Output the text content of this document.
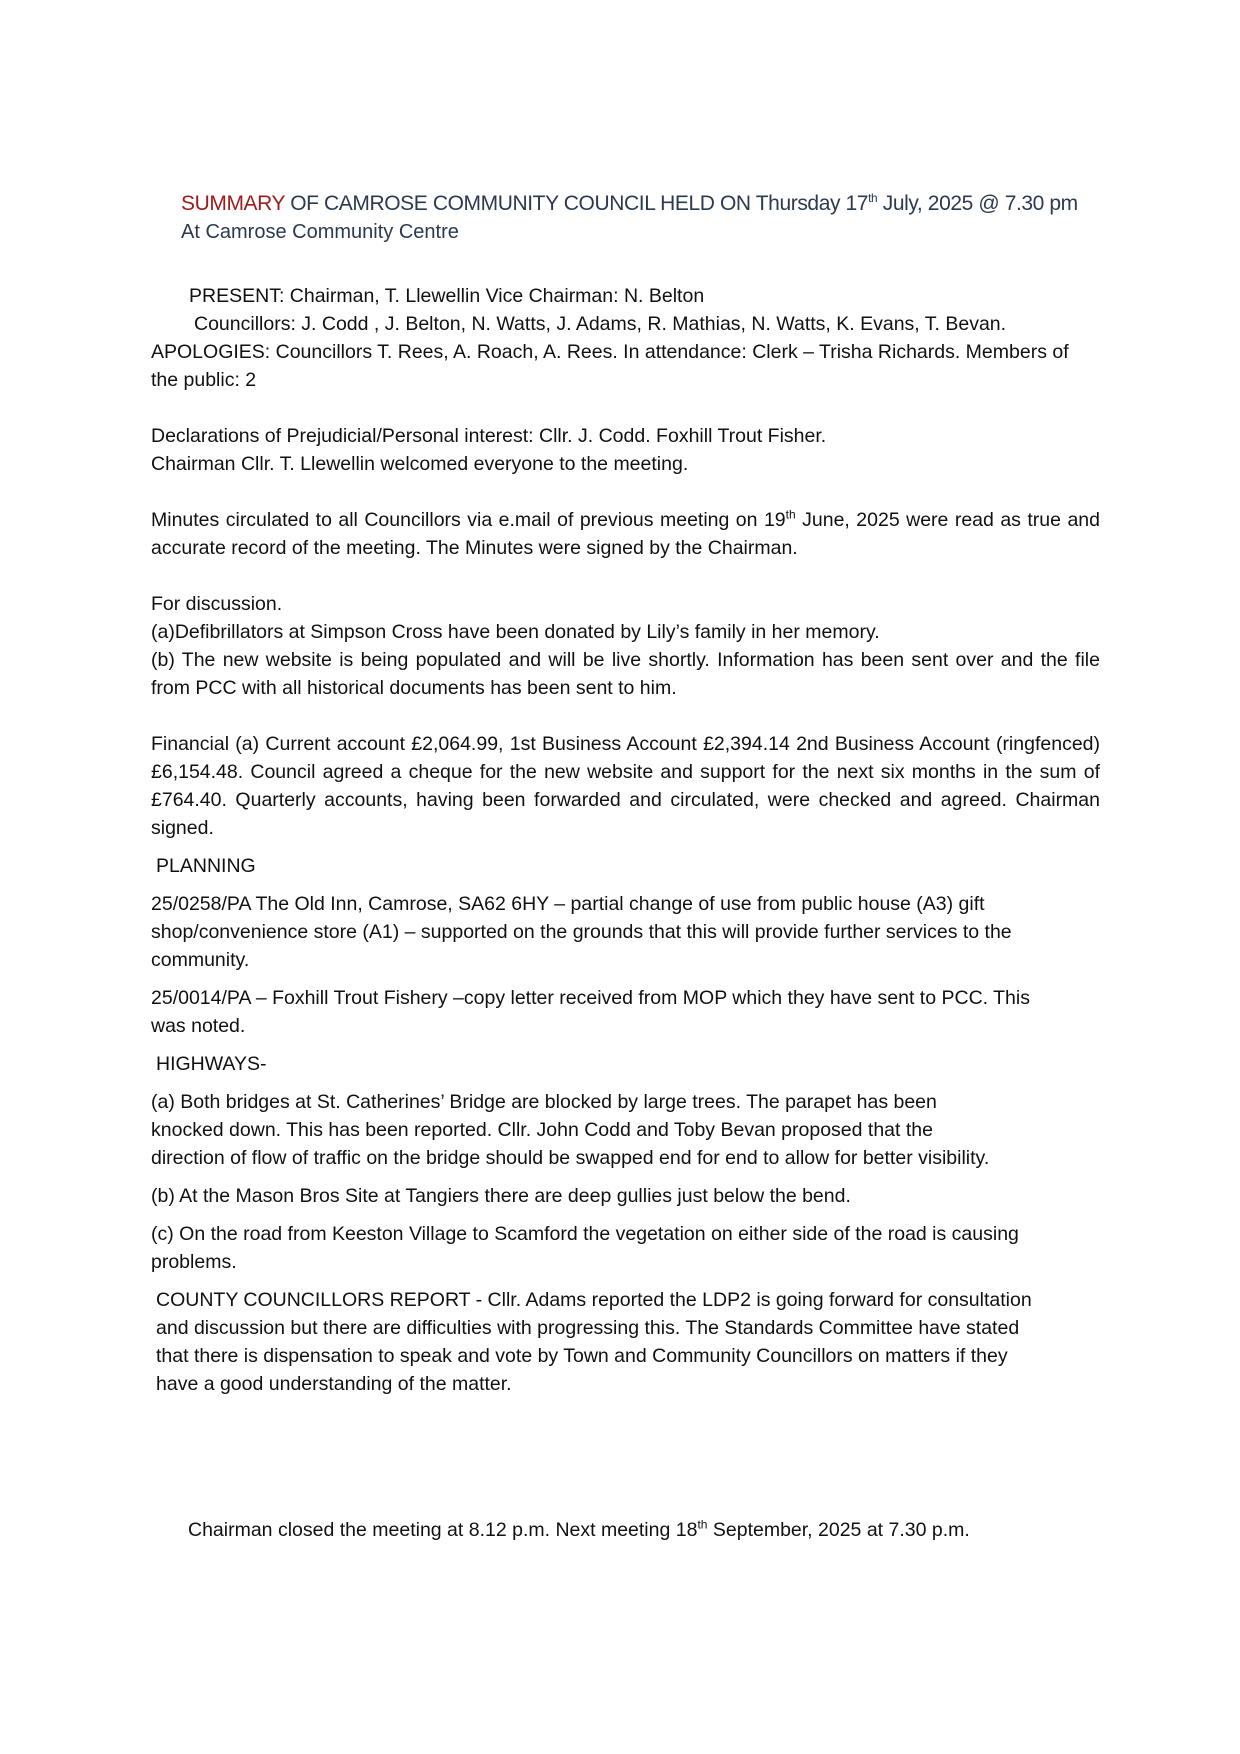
SUMMARY OF CAMROSE COMMUNITY COUNCIL HELD ON Thursday 17th July, 2025 @ 7.30 pm
At Camrose Community Centre

PRESENT: Chairman, T. Llewellin Vice Chairman: N. Belton

Councillors: J. Codd , J. Belton, N. Watts, J. Adams, R. Mathias, N. Watts, K. Evans, T. Bevan.

APOLOGIES: Councillors T. Rees, A. Roach, A. Rees. In attendance: Clerk – Trisha Richards. Members of the public: 2

Declarations of Prejudicial/Personal interest: Cllr. J. Codd. Foxhill Trout Fisher.

Chairman Cllr. T. Llewellin welcomed everyone to the meeting.

Minutes circulated to all Councillors via e.mail of previous meeting on 19th June, 2025 were read as true and accurate record of the meeting. The Minutes were signed by the Chairman.

For discussion.

(a)Defibrillators at Simpson Cross have been donated by Lily’s family in her memory.

(b) The new website is being populated and will be live shortly. Information has been sent over and the file from PCC with all historical documents has been sent to him.

Financial (a) Current account £2,064.99, 1st Business Account £2,394.14 2nd Business Account (ringfenced) £6,154.48. Council agreed a cheque for the new website and support for the next six months in the sum of £764.40. Quarterly accounts, having been forwarded and circulated, were checked and agreed. Chairman signed.

PLANNING

25/0258/PA The Old Inn, Camrose, SA62 6HY – partial change of use from public house (A3) gift shop/convenience store (A1) – supported on the grounds that this will provide further services to the community.

25/0014/PA – Foxhill Trout Fishery –copy letter received from MOP which they have sent to PCC. This was noted.

HIGHWAYS-

(a) Both bridges at St. Catherines’ Bridge are blocked by large trees. The parapet has been knocked down. This has been reported. Cllr. John Codd and Toby Bevan proposed that the direction of flow of traffic on the bridge should be swapped end for end to allow for better visibility.

(b) At the Mason Bros Site at Tangiers there are deep gullies just below the bend.

(c) On the road from Keeston Village to Scamford the vegetation on either side of the road is causing problems.

COUNTY COUNCILLORS REPORT - Cllr. Adams reported the LDP2 is going forward for consultation and discussion but there are difficulties with progressing this. The Standards Committee have stated that there is dispensation to speak and vote by Town and Community Councillors on matters if they have a good understanding of the matter.

Chairman closed the meeting at 8.12 p.m. Next meeting 18th September, 2025 at 7.30 p.m.
